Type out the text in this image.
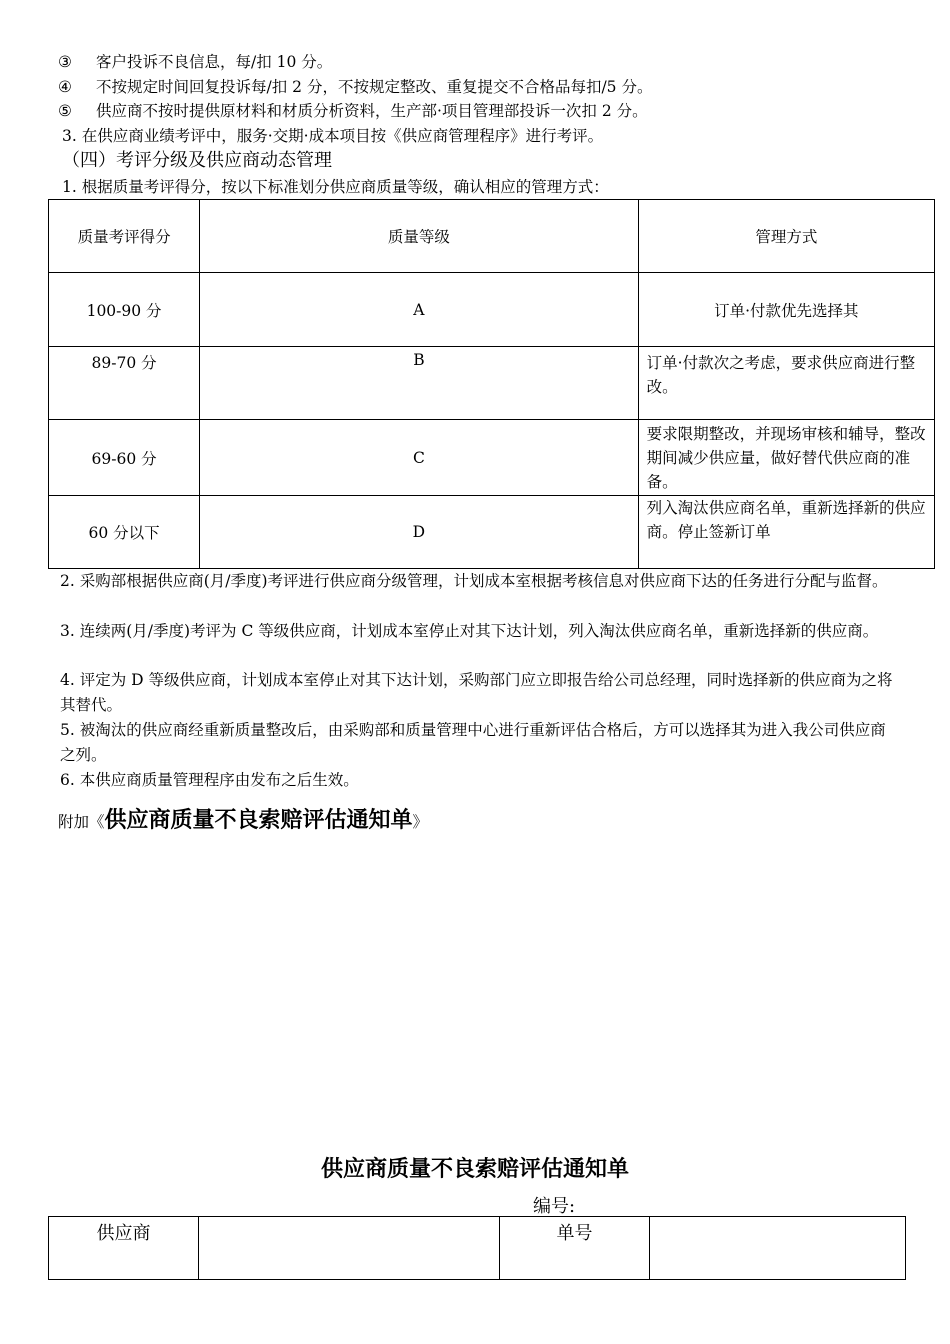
③ 客户投诉不良信息，每/扣 10 分。
④ 不按规定时间回复投诉每/扣 2 分，不按规定整改、重复提交不合格品每扣/5 分。
⑤ 供应商不按时提供原材料和材质分析资料，生产部·项目管理部投诉一次扣 2 分。
3. 在供应商业绩考评中，服务·交期·成本项目按《供应商管理程序》进行考评。
（四）考评分级及供应商动态管理
1. 根据质量考评得分，按以下标准划分供应商质量等级，确认相应的管理方式：
质量考评得分	质量等级	管理方式
100-90 分	A	订单·付款优先选择其
89-70 分	B	订单·付款次之考虑，要求供应商进行整改。
69-60 分	C	要求限期整改，并现场审核和辅导，整改期间减少供应量，做好替代供应商的准备。
60 分以下	D	列入淘汰供应商名单，重新选择新的供应商。停止签新订单
2. 采购部根据供应商(月/季度)考评进行供应商分级管理，计划成本室根据考核信息对供应商下达的任务进行分配与监督。
3. 连续两(月/季度)考评为 C 等级供应商，计划成本室停止对其下达计划，列入淘汰供应商名单，重新选择新的供应商。
4. 评定为 D 等级供应商，计划成本室停止对其下达计划，采购部门应立即报告给公司总经理，同时选择新的供应商为之将其替代。
5. 被淘汰的供应商经重新质量整改后，由采购部和质量管理中心进行重新评估合格后，方可以选择其为进入我公司供应商之列。
6. 本供应商质量管理程序由发布之后生效。
附加《供应商质量不良索赔评估通知单》
供应商质量不良索赔评估通知单
编号:
供应商		单号	
